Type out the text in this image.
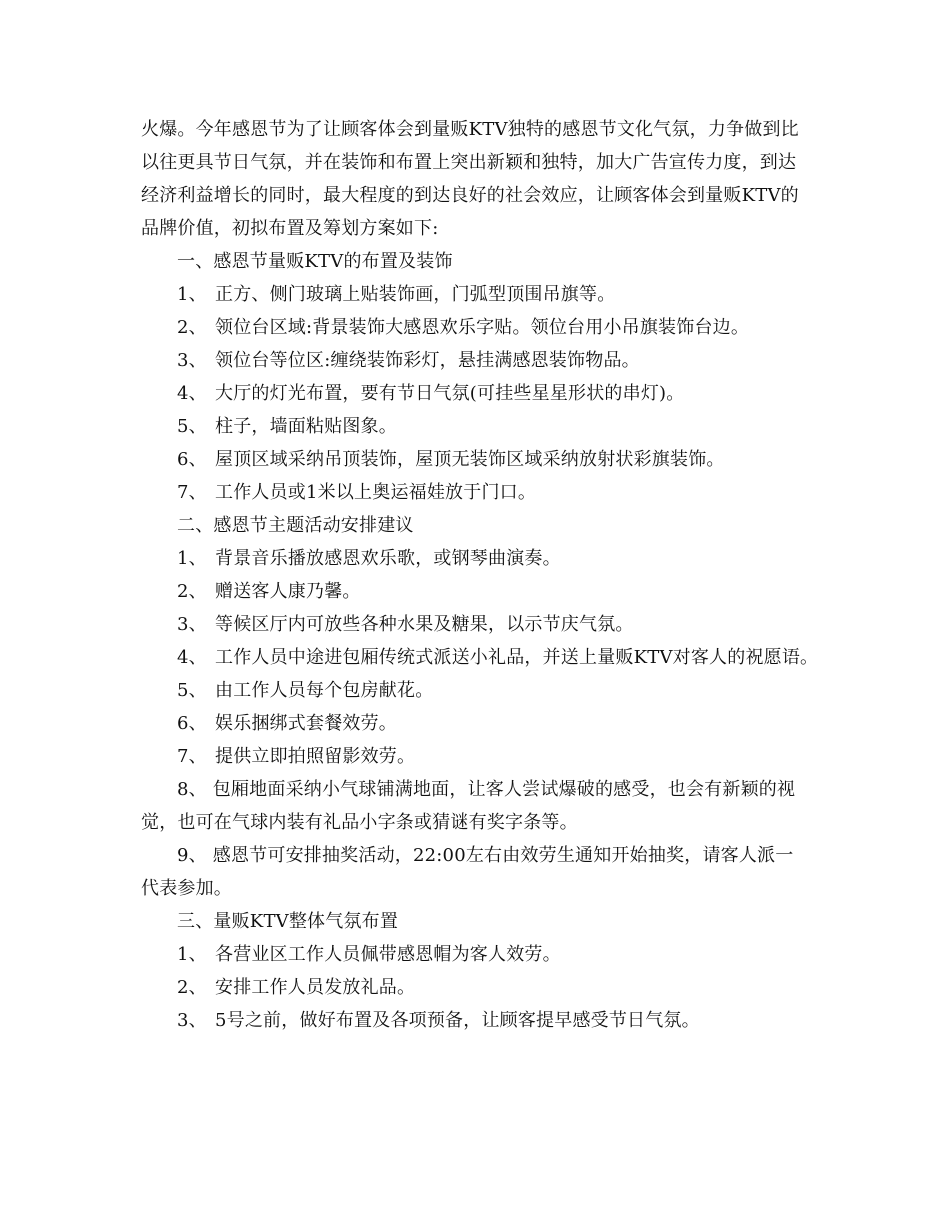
火爆。今年感恩节为了让顾客体会到量贩KTV独特的感恩节文化气氛，力争做到比

以往更具节日气氛，并在装饰和布置上突出新颖和独特，加大广告宣传力度，到达

经济利益增长的同时，最大程度的到达良好的社会效应，让顾客体会到量贩KTV的

品牌价值，初拟布置及筹划方案如下:

一、感恩节量贩KTV的布置及装饰

1、 正方、侧门玻璃上贴装饰画，门弧型顶围吊旗等。
2、 领位台区域:背景装饰大感恩欢乐字贴。领位台用小吊旗装饰台边。
3、 领位台等位区:缠绕装饰彩灯，悬挂满感恩装饰物品。
4、 大厅的灯光布置，要有节日气氛(可挂些星星形状的串灯)。
5、 柱子，墙面粘贴图象。
6、 屋顶区域采纳吊顶装饰，屋顶无装饰区域采纳放射状彩旗装饰。
7、 工作人员或1米以上奥运福娃放于门口。

二、感恩节主题活动安排建议

1、 背景音乐播放感恩欢乐歌，或钢琴曲演奏。
2、 赠送客人康乃馨。
3、 等候区厅内可放些各种水果及糖果，以示节庆气氛。
4、 工作人员中途进包厢传统式派送小礼品，并送上量贩KTV对客人的祝愿语。
5、 由工作人员每个包房献花。
6、 娱乐捆绑式套餐效劳。
7、 提供立即拍照留影效劳。

8、 包厢地面采纳小气球铺满地面，让客人尝试爆破的感受，也会有新颖的视

觉，也可在气球内装有礼品小字条或猜谜有奖字条等。

9、 感恩节可安排抽奖活动，22:00左右由效劳生通知开始抽奖，请客人派一

代表参加。

三、量贩KTV整体气氛布置

1、 各营业区工作人员佩带感恩帽为客人效劳。
2、 安排工作人员发放礼品。
3、 5号之前，做好布置及各项预备，让顾客提早感受节日气氛。
